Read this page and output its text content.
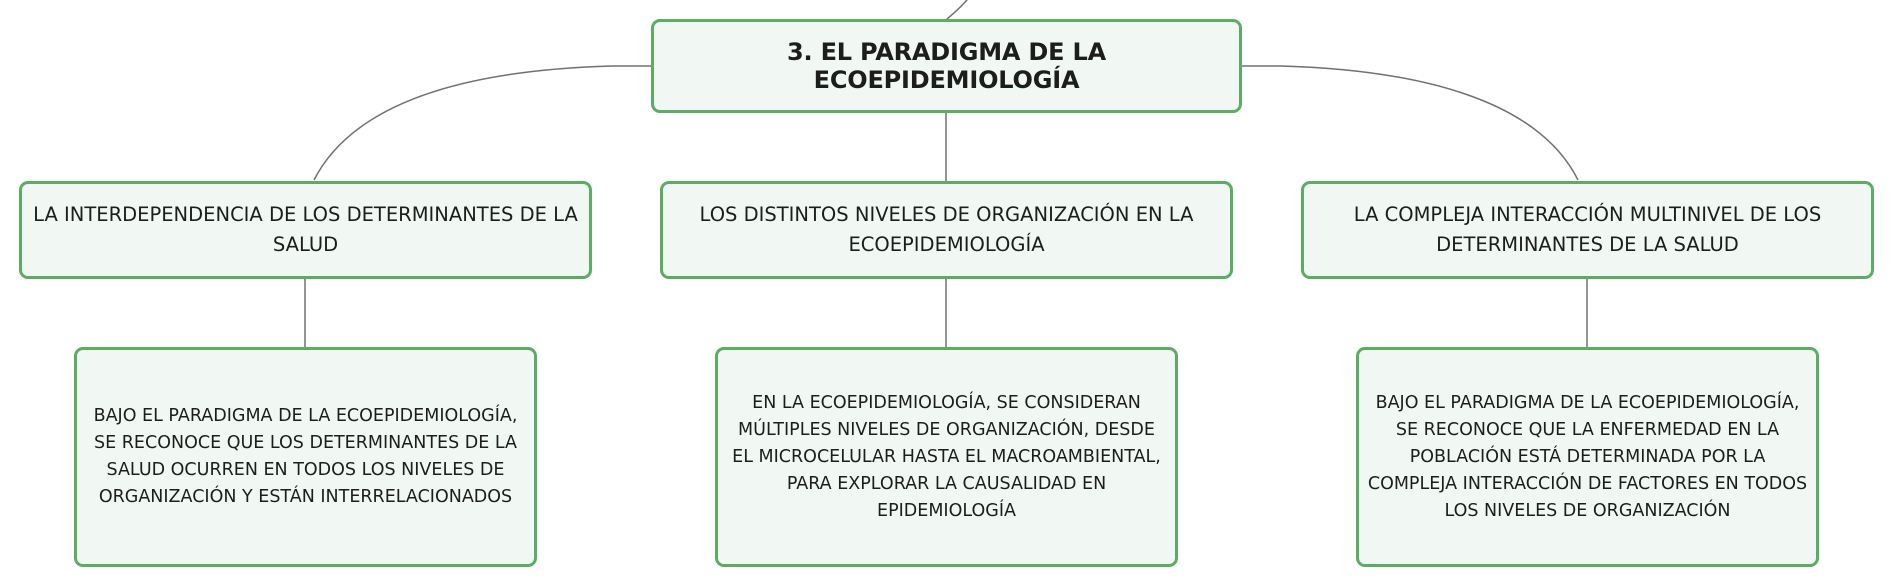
3. EL PARADIGMA DE LA ECOEPIDEMIOLOGÍA
LA INTERDEPENDENCIA DE LOS DETERMINANTES DE LA SALUD
LOS DISTINTOS NIVELES DE ORGANIZACIÓN EN LA ECOEPIDEMIOLOGÍA
LA COMPLEJA INTERACCIÓN MULTINIVEL DE LOS DETERMINANTES DE LA SALUD
BAJO EL PARADIGMA DE LA ECOEPIDEMIOLOGÍA, SE RECONOCE QUE LOS DETERMINANTES DE LA SALUD OCURREN EN TODOS LOS NIVELES DE ORGANIZACIÓN Y ESTÁN INTERRELACIONADOS
EN LA ECOEPIDEMIOLOGÍA, SE CONSIDERAN MÚLTIPLES NIVELES DE ORGANIZACIÓN, DESDE EL MICROCELULAR HASTA EL MACROAMBIENTAL, PARA EXPLORAR LA CAUSALIDAD EN EPIDEMIOLOGÍA
BAJO EL PARADIGMA DE LA ECOEPIDEMIOLOGÍA, SE RECONOCE QUE LA ENFERMEDAD EN LA POBLACIÓN ESTÁ DETERMINADA POR LA COMPLEJA INTERACCIÓN DE FACTORES EN TODOS LOS NIVELES DE ORGANIZACIÓN
